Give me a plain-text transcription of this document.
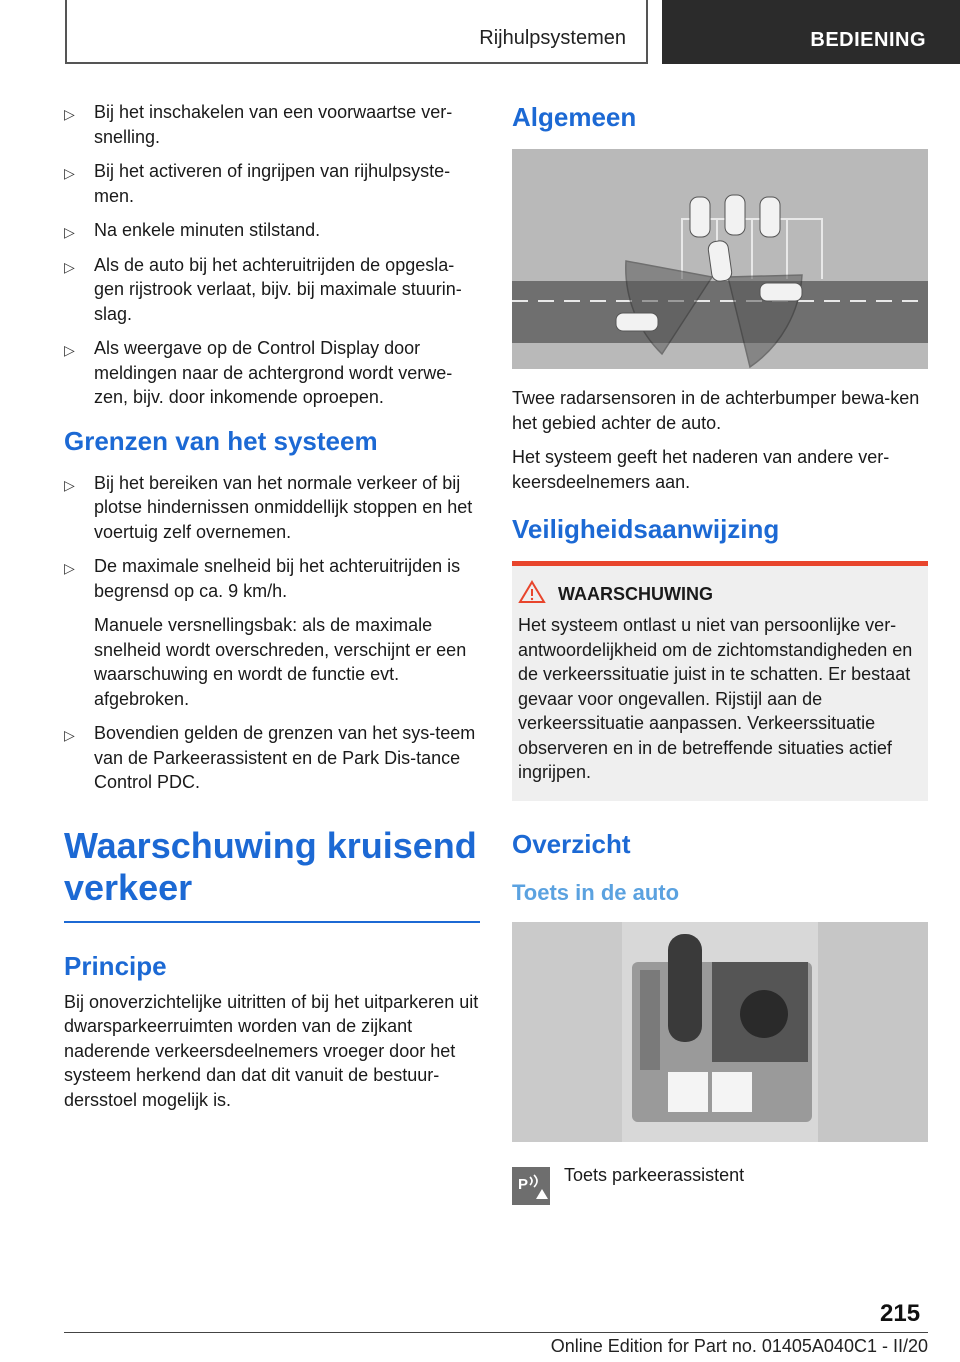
Rijhulpsystemen	BEDIENING
▷ Bij het inschakelen van een voorwaartse ver-snelling.
▷ Bij het activeren of ingrijpen van rijhulpsyste-men.
▷ Na enkele minuten stilstand.
▷ Als de auto bij het achteruitrijden de opgesla-gen rijstrook verlaat, bijv. bij maximale stuurin-slag.
▷ Als weergave op de Control Display door meldingen naar de achtergrond wordt verwe-zen, bijv. door inkomende oproepen.
Grenzen van het systeem
▷ Bij het bereiken van het normale verkeer of bij plotse hindernissen onmiddellijk stoppen en het voertuig zelf overnemen.
▷ De maximale snelheid bij het achteruitrijden is begrensd op ca. 9 km/h.
Manuele versnellingsbak: als de maximale snelheid wordt overschreden, verschijnt er een waarschuwing en wordt de functie evt. afgebroken.
▷ Bovendien gelden de grenzen van het sys-teem van de Parkeerassistent en de Park Dis-tance Control PDC.
Waarschuwing kruisend verkeer
Principe
Bij onoverzichtelijke uitritten of bij het uitparkeren uit dwarsparkeerruimten worden van de zijkant naderende verkeersdeelnemers vroeger door het systeem herkend dan dat dit vanuit de bestuur-dersstoel mogelijk is.
Algemeen
Twee radarsensoren in de achterbumper bewa-ken het gebied achter de auto.
Het systeem geeft het naderen van andere ver-keersdeelnemers aan.
Veiligheidsaanwijzing
WAARSCHUWING
Het systeem ontlast u niet van persoonlijke ver-antwoordelijkheid om de zichtomstandigheden en de verkeerssituatie juist in te schatten. Er bestaat gevaar voor ongevallen. Rijstijl aan de verkeerssituatie aanpassen. Verkeerssituatie observeren en in de betreffende situaties actief ingrijpen.
Overzicht
Toets in de auto
P Toets parkeerassistent
215
Online Edition for Part no. 01405A040C1 - II/20
